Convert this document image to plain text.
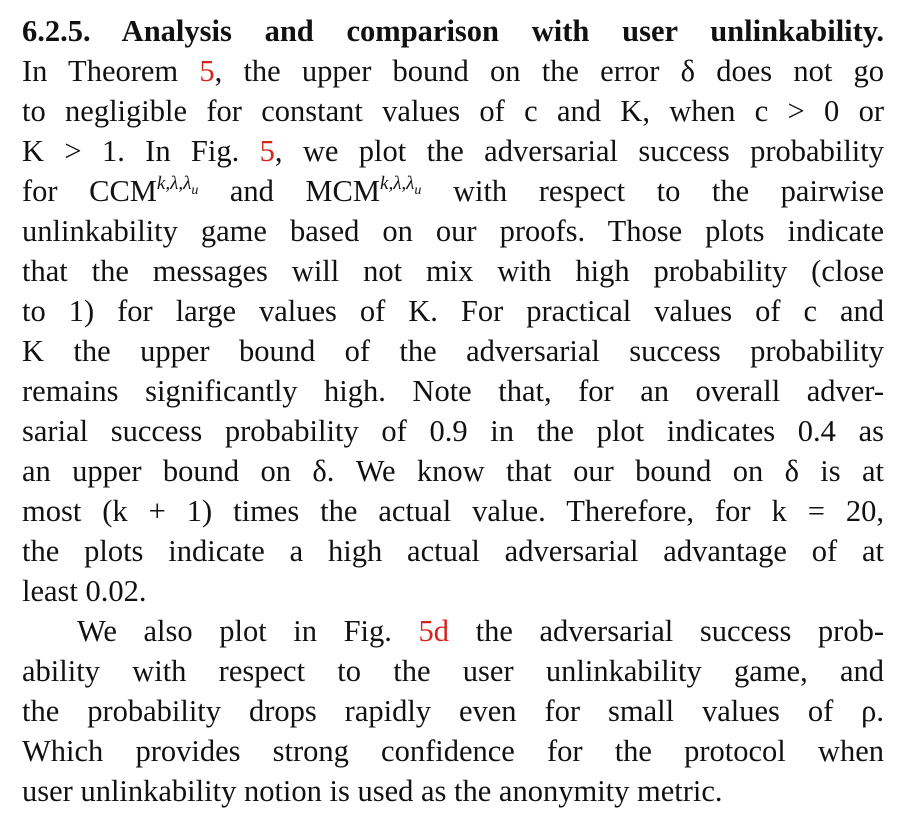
6.2.5. Analysis and comparison with user unlinkability.
In Theorem 5, the upper bound on the error δ does not go
to negligible for constant values of c and K, when c > 0 or
K > 1. In Fig. 5, we plot the adversarial success probability
for $CCM^{k,\lambda,\lambda_u}$ and $MCM^{k,\lambda,\lambda_u}$ with respect to the pairwise
unlinkability game based on our proofs. Those plots indicate
that the messages will not mix with high probability (close
to 1) for large values of K. For practical values of c and
K the upper bound of the adversarial success probability
remains significantly high. Note that, for an overall adver-
sarial success probability of 0.9 in the plot indicates 0.4 as
an upper bound on δ. We know that our bound on δ is at
most (k + 1) times the actual value. Therefore, for k = 20,
the plots indicate a high actual adversarial advantage of at
least 0.02.
We also plot in Fig. 5d the adversarial success prob-
ability with respect to the user unlinkability game, and
the probability drops rapidly even for small values of ρ.
Which provides strong confidence for the protocol when
user unlinkability notion is used as the anonymity metric.
